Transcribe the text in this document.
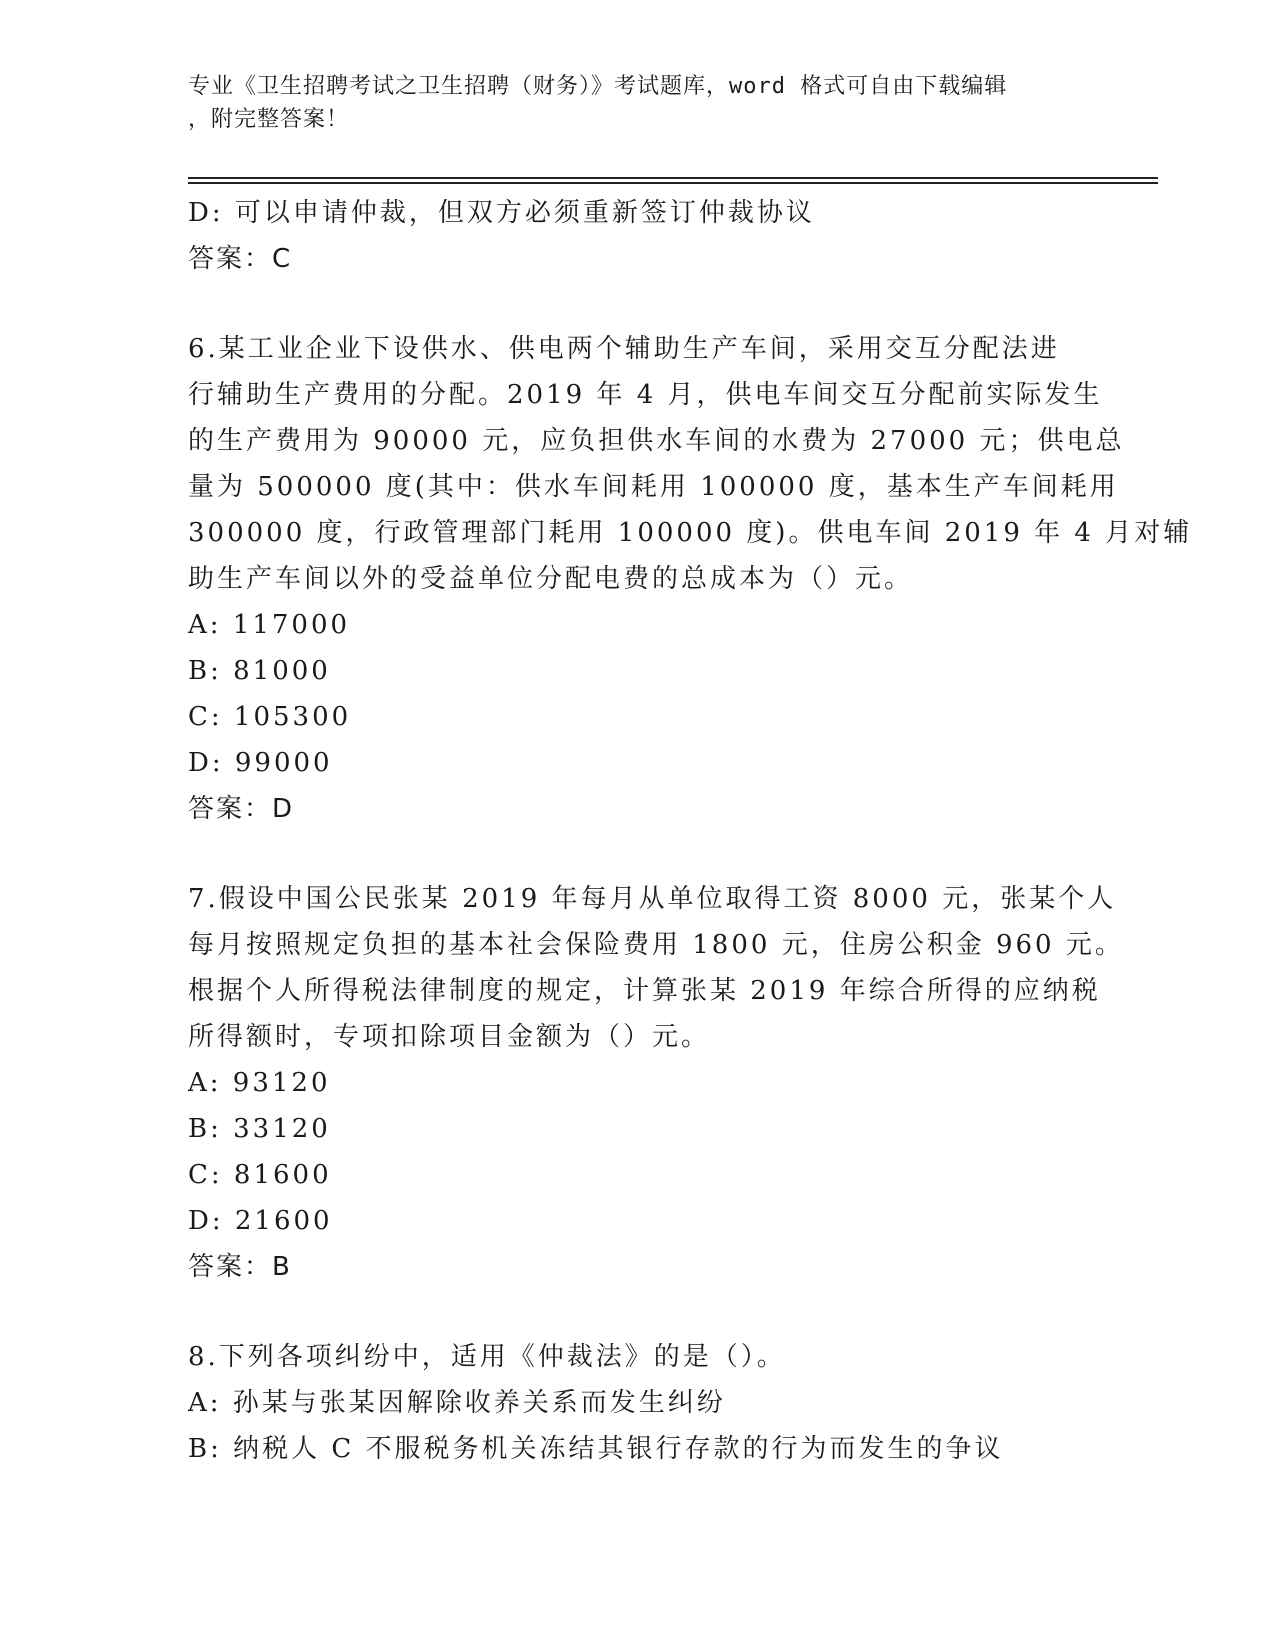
专业《卫生招聘考试之卫生招聘（财务）》考试题库，word 格式可自由下载编辑
，附完整答案！
D: 可以申请仲裁，但双方必须重新签订仲裁协议
答案：C
6.某工业企业下设供水、供电两个辅助生产车间，采用交互分配法进
行辅助生产费用的分配。2019 年 4 月，供电车间交互分配前实际发生
的生产费用为 90000 元，应负担供水车间的水费为 27000 元；供电总
量为 500000 度(其中：供水车间耗用 100000 度，基本生产车间耗用
300000 度，行政管理部门耗用 100000 度)。供电车间 2019 年 4 月对辅
助生产车间以外的受益单位分配电费的总成本为（）元。
A: 117000
B: 81000
C: 105300
D: 99000
答案：D
7.假设中国公民张某 2019 年每月从单位取得工资 8000 元，张某个人
每月按照规定负担的基本社会保险费用 1800 元，住房公积金 960 元。
根据个人所得税法律制度的规定，计算张某 2019 年综合所得的应纳税
所得额时，专项扣除项目金额为（）元。
A: 93120
B: 33120
C: 81600
D: 21600
答案：B
8.下列各项纠纷中，适用《仲裁法》的是（）。
A: 孙某与张某因解除收养关系而发生纠纷
B: 纳税人 C 不服税务机关冻结其银行存款的行为而发生的争议
